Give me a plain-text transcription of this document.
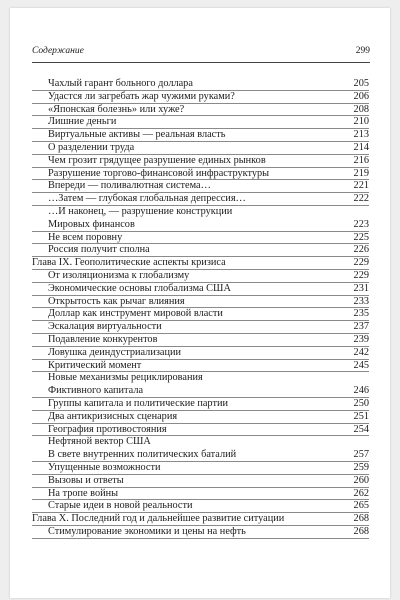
Содержание	299
Чахлый гарант больного доллара	205
Удастся ли загребать жар чужими руками?	206
«Японская болезнь» или хуже?	208
Лишние деньги	210
Виртуальные активы — реальная власть	213
О разделении труда	214
Чем грозит грядущее разрушение единых рынков	216
Разрушение торгово-финансовой инфраструктуры	219
Впереди — поливалютная система…	221
…Затем — глубокая глобальная депрессия…	222
…И наконец, — разрушение конструкции
Мировых финансов	223
Не всем поровну	225
Россия получит сполна	226
Глава IX. Геополитические аспекты кризиса	229
От изоляционизма к глобализму	229
Экономические основы глобализма США	231
Открытость как рычаг влияния	233
Доллар как инструмент мировой власти	235
Эскалация виртуальности	237
Подавление конкурентов	239
Ловушка деиндустриализации	242
Критический момент	245
Новые механизмы рециклирования
Фиктивного капитала	246
Группы капитала и политические партии	250
Два антикризисных сценария	251
География противостояния	254
Нефтяной вектор США
В свете внутренних политических баталий	257
Упущенные возможности	259
Вызовы и ответы	260
На тропе войны	262
Старые идеи в новой реальности	265
Глава X. Последний год и дальнейшее развитие ситуации	268
Стимулирование экономики и цены на нефть	268
